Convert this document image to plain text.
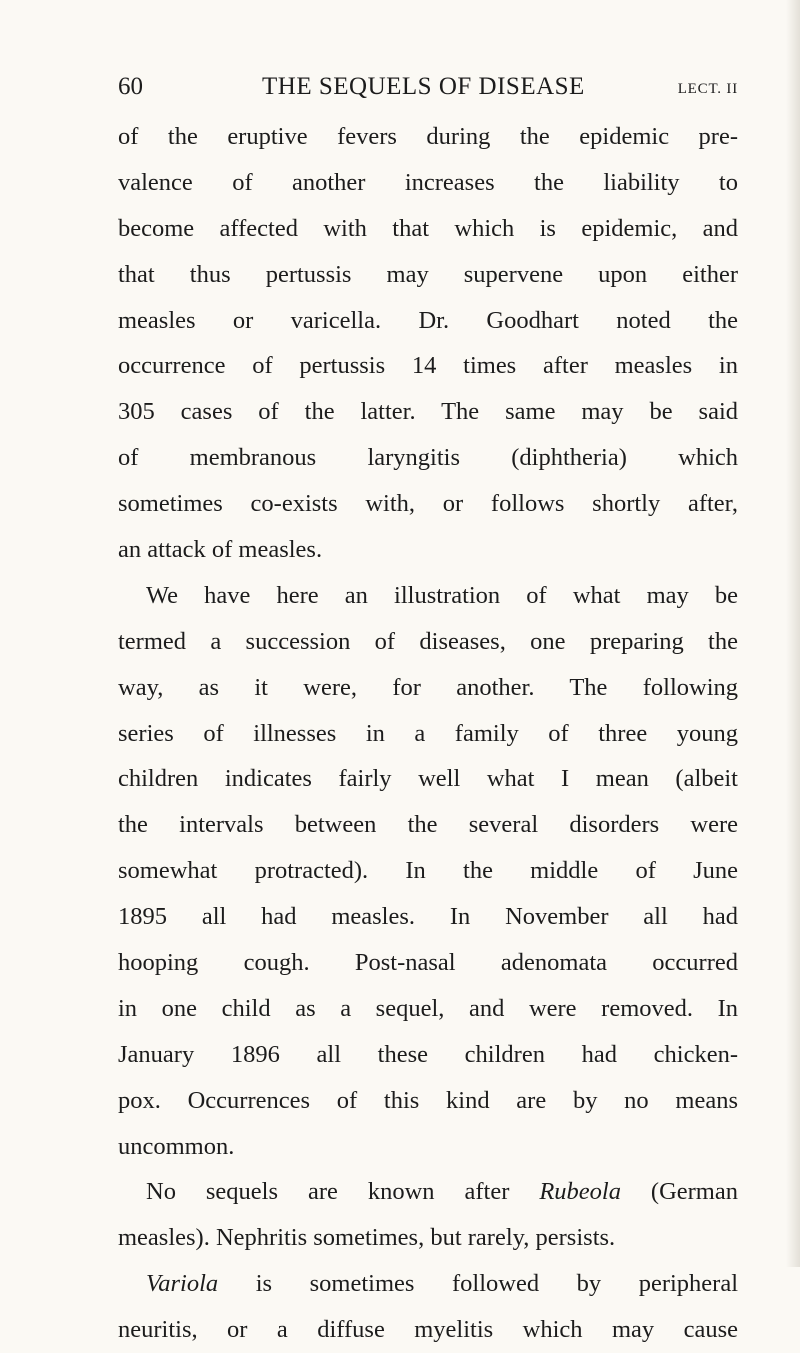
60	THE SEQUELS OF DISEASE	LECT. II
of the eruptive fevers during the epidemic pre-
valence of another increases the liability to
become affected with that which is epidemic, and
that thus pertussis may supervene upon either
measles or varicella. Dr. Goodhart noted the
occurrence of pertussis 14 times after measles in
305 cases of the latter. The same may be said
of membranous laryngitis (diphtheria) which
sometimes co-exists with, or follows shortly after,
an attack of measles.
We have here an illustration of what may be
termed a succession of diseases, one preparing the
way, as it were, for another. The following
series of illnesses in a family of three young
children indicates fairly well what I mean (albeit
the intervals between the several disorders were
somewhat protracted). In the middle of June
1895 all had measles. In November all had
hooping cough. Post-nasal adenomata occurred
in one child as a sequel, and were removed. In
January 1896 all these children had chicken-
pox. Occurrences of this kind are by no means
uncommon.
No sequels are known after Rubeola (German
measles). Nephritis sometimes, but rarely, persists.
Variola is sometimes followed by peripheral
neuritis, or a diffuse myelitis which may cause
